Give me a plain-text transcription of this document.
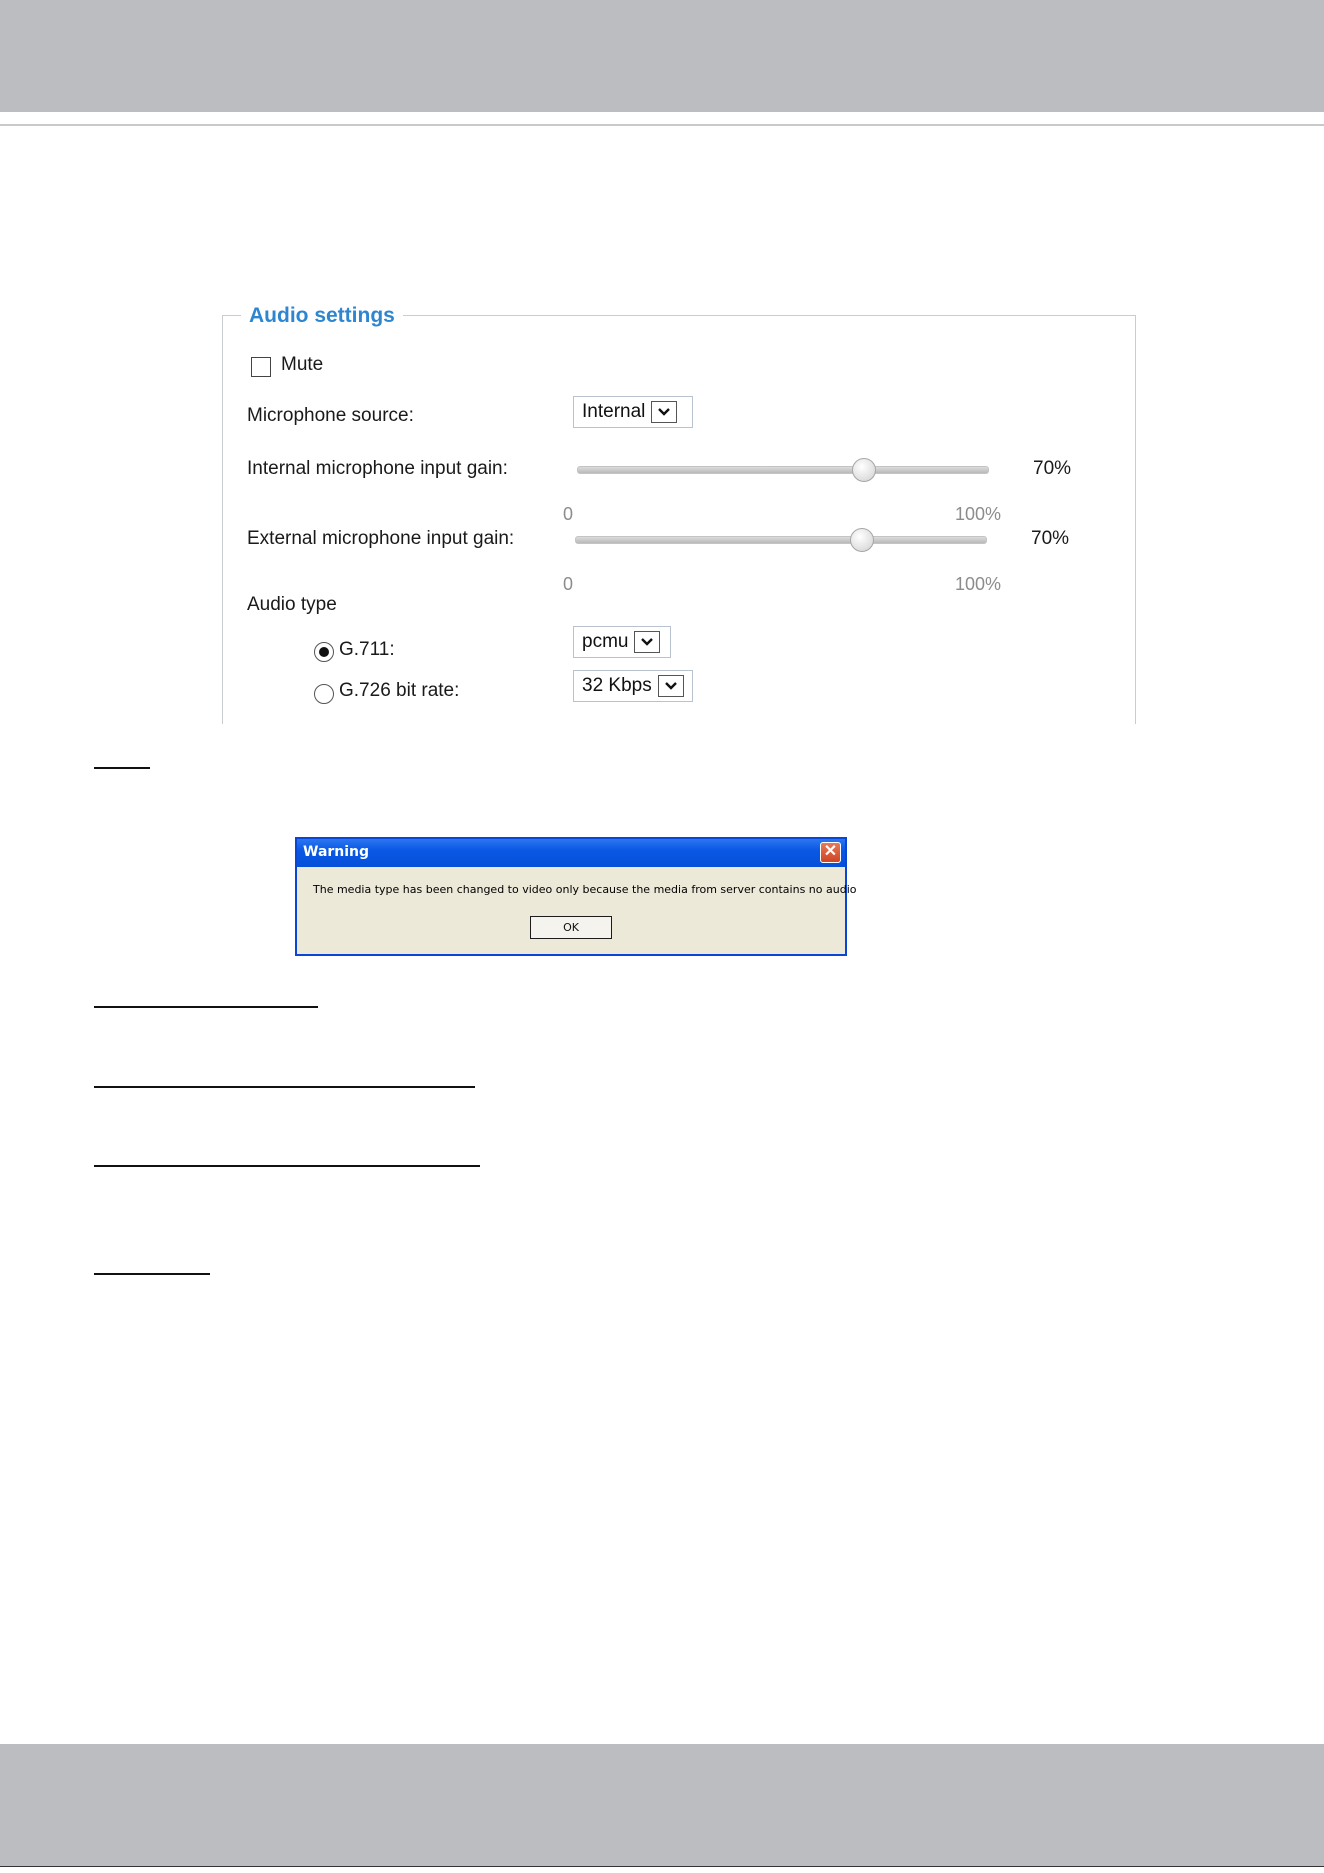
Audio settings
Mute
Microphone source:	Internal
Internal microphone input gain:	70%
0	100%
External microphone input gain:	70%
0	100%
Audio type
G.711:	pcmu
G.726 bit rate:	32 Kbps
Warning	✕
The media type has been changed to video only because the media from server contains no audio
OK
